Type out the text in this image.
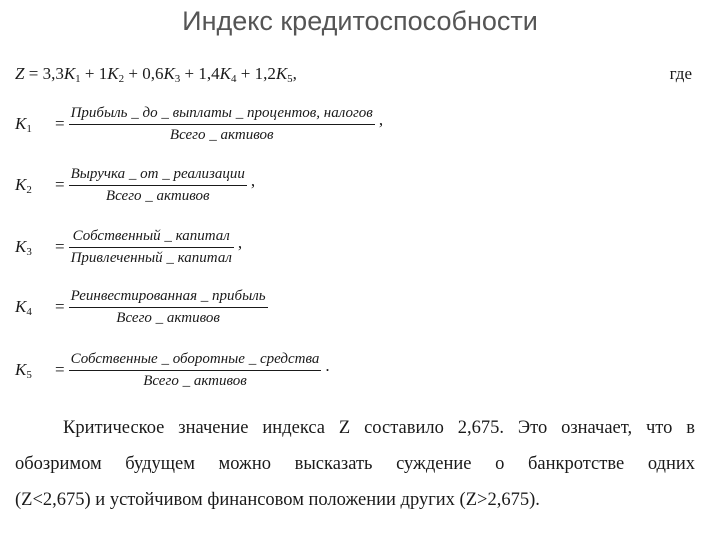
Индекс кредитоспособности
$Z = 3,3K_1 + 1K_2 + 0,6K_3 + 1,4K_4 + 1,2K_5$,	где
$K_1$	= $\frac{\text{Прибыль \_ до \_ выплаты \_ процентов, налогов}}{\text{Всего \_ активов}}$ ,
$K_2$	= $\frac{\text{Выручка \_ от \_ реализации}}{\text{Всего \_ активов}}$ ,
$K_3$	= $\frac{\text{Собственный \_ капитал}}{\text{Привлеченный \_ капитал}}$ ,
$K_4$	= $\frac{\text{Реинвестированная \_ прибыль}}{\text{Всего \_ активов}}$
$K_5$	= $\frac{\text{Собственные \_ оборотные \_ средства}}{\text{Всего \_ активов}}$ .
Критическое значение индекса Z составило 2,675. Это означает, что в
обозримом будущем можно высказать суждение о банкротстве одних
(Z<2,675) и устойчивом финансовом положении других (Z>2,675).
